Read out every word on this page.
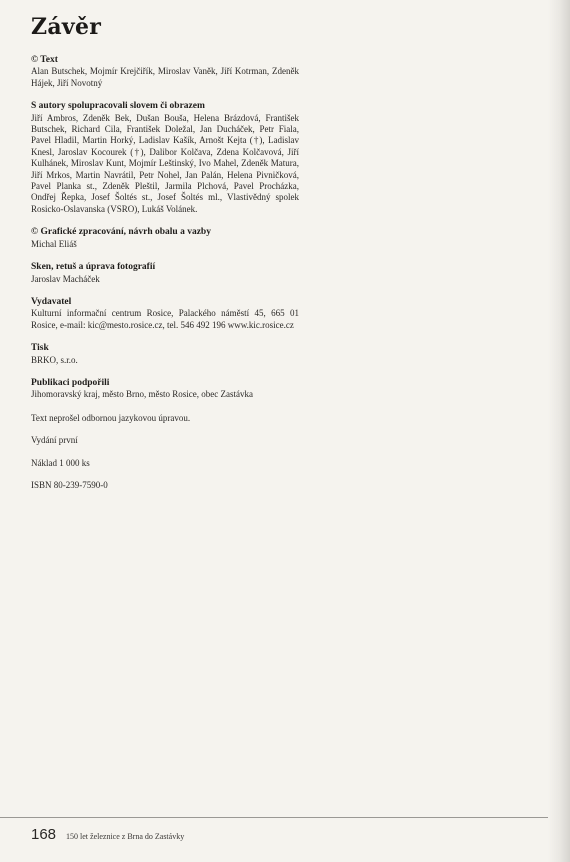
Závěr
© Text

Alan Butschek, Mojmír Krejčiřík, Miroslav Vaněk, Jiří Kotrman, Zdeněk Hájek, Jiří Novotný

S autory spolupracovali slovem či obrazem

Jiří Ambros, Zdeněk Bek, Dušan Bouša, Helena Brázdová, František Butschek, Richard Cila, František Doležal, Jan Ducháček, Petr Fiala, Pavel Hladil, Martin Horký, Ladislav Kašík, Arnošt Kejta (†), Ladislav Knesl, Jaroslav Kocourek (†), Dalibor Kolčava, Zdena Kolčavová, Jiří Kulhánek, Miroslav Kunt, Mojmír Leštinský, Ivo Mahel, Zdeněk Matura, Jiří Mrkos, Martin Navrátil, Petr Nohel, Jan Palán, Helena Pivničková, Pavel Planka st., Zdeněk Pleštil, Jarmila Plchová, Pavel Procházka, Ondřej Řepka, Josef Šoltés st., Josef Šoltés ml., Vlastivědný spolek Rosicko-Oslavanska (VSRO), Lukáš Volánek.

© Grafické zpracování, návrh obalu a vazby

Michal Eliáš

Sken, retuš a úprava fotografií

Jaroslav Macháček

Vydavatel

Kulturní informační centrum Rosice, Palackého náměstí 45, 665 01 Rosice, e-mail: kic@mesto.rosice.cz, tel. 546 492 196 www.kic.rosice.cz

Tisk

BRKO, s.r.o.

Publikaci podpořili

Jihomoravský kraj, město Brno, město Rosice, obec Zastávka

Text neprošel odbornou jazykovou úpravou.

Vydání první

Náklad 1 000 ks

ISBN 80-239-7590-0

168 150 let železnice z Brna do Zastávky
